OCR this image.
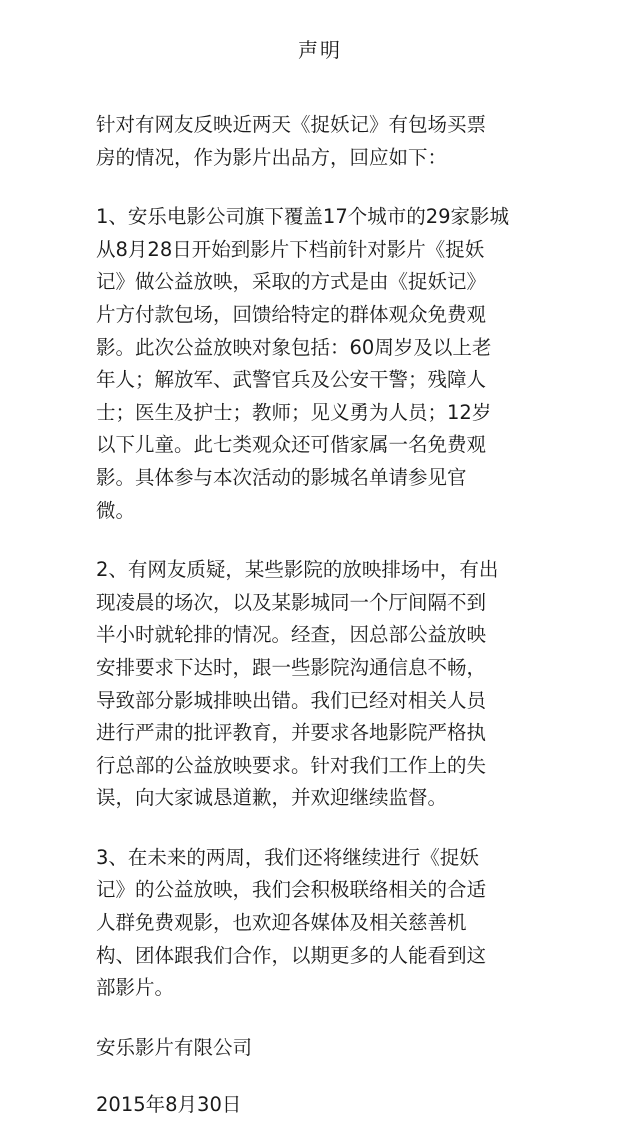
声明
针对有网友反映近两天《捉妖记》有包场买票
房的情况，作为影片出品方，回应如下：
1、安乐电影公司旗下覆盖17个城市的29家影城
从8月28日开始到影片下档前针对影片《捉妖
记》做公益放映，采取的方式是由《捉妖记》
片方付款包场，回馈给特定的群体观众免费观
影。此次公益放映对象包括：60周岁及以上老
年人；解放军、武警官兵及公安干警；残障人
士；医生及护士；教师；见义勇为人员；12岁
以下儿童。此七类观众还可偕家属一名免费观
影。具体参与本次活动的影城名单请参见官
微。
2、有网友质疑，某些影院的放映排场中，有出
现凌晨的场次，以及某影城同一个厅间隔不到
半小时就轮排的情况。经查，因总部公益放映
安排要求下达时，跟一些影院沟通信息不畅，
导致部分影城排映出错。我们已经对相关人员
进行严肃的批评教育，并要求各地影院严格执
行总部的公益放映要求。针对我们工作上的失
误，向大家诚恳道歉，并欢迎继续监督。
3、在未来的两周，我们还将继续进行《捉妖
记》的公益放映，我们会积极联络相关的合适
人群免费观影，也欢迎各媒体及相关慈善机
构、团体跟我们合作，以期更多的人能看到这
部影片。
安乐影片有限公司
2015年8月30日
